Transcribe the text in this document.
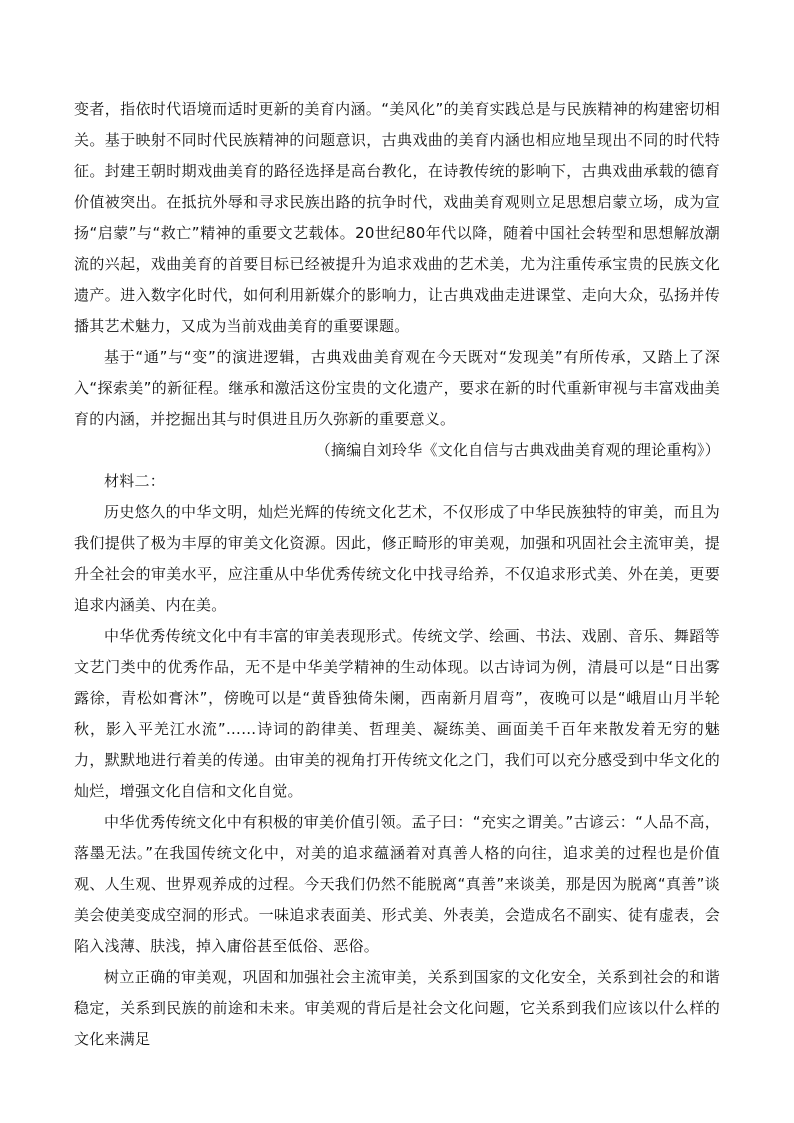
变者，指依时代语境而适时更新的美育内涵。“美风化”的美育实践总是与民族精神的构建密切相关。基于映射不同时代民族精神的问题意识，古典戏曲的美育内涵也相应地呈现出不同的时代特征。封建王朝时期戏曲美育的路径选择是高台教化，在诗教传统的影响下，古典戏曲承载的德育价值被突出。在抵抗外辱和寻求民族出路的抗争时代，戏曲美育观则立足思想启蒙立场，成为宣扬“启蒙”与“救亡”精神的重要文艺载体。20世纪80年代以降，随着中国社会转型和思想解放潮流的兴起，戏曲美育的首要目标已经被提升为追求戏曲的艺术美，尤为注重传承宝贵的民族文化遗产。进入数字化时代，如何利用新媒介的影响力，让古典戏曲走进课堂、走向大众，弘扬并传播其艺术魅力，又成为当前戏曲美育的重要课题。

基于“通”与“变”的演进逻辑，古典戏曲美育观在今天既对“发现美”有所传承，又踏上了深入“探索美”的新征程。继承和激活这份宝贵的文化遗产，要求在新的时代重新审视与丰富戏曲美育的内涵，并挖掘出其与时俱进且历久弥新的重要意义。

（摘编自刘玲华《文化自信与古典戏曲美育观的理论重构》）

材料二：

历史悠久的中华文明，灿烂光辉的传统文化艺术，不仅形成了中华民族独特的审美，而且为我们提供了极为丰厚的审美文化资源。因此，修正畸形的审美观，加强和巩固社会主流审美，提升全社会的审美水平，应注重从中华优秀传统文化中找寻给养，不仅追求形式美、外在美，更要追求内涵美、内在美。

中华优秀传统文化中有丰富的审美表现形式。传统文学、绘画、书法、戏剧、音乐、舞蹈等文艺门类中的优秀作品，无不是中华美学精神的生动体现。以古诗词为例，清晨可以是“日出雾露徐，青松如膏沐”，傍晚可以是“黄昏独倚朱阑，西南新月眉弯”，夜晚可以是“峨眉山月半轮秋，影入平羌江水流”……诗词的韵律美、哲理美、凝练美、画面美千百年来散发着无穷的魅力，默默地进行着美的传递。由审美的视角打开传统文化之门，我们可以充分感受到中华文化的灿烂，增强文化自信和文化自觉。

中华优秀传统文化中有积极的审美价值引领。孟子曰：“充实之谓美。”古谚云：“人品不高，落墨无法。”在我国传统文化中，对美的追求蕴涵着对真善人格的向往，追求美的过程也是价值观、人生观、世界观养成的过程。今天我们仍然不能脱离“真善”来谈美，那是因为脱离“真善”谈美会使美变成空洞的形式。一味追求表面美、形式美、外表美，会造成名不副实、徒有虚表，会陷入浅薄、肤浅，掉入庸俗甚至低俗、恶俗。

树立正确的审美观，巩固和加强社会主流审美，关系到国家的文化安全，关系到社会的和谐稳定，关系到民族的前途和未来。审美观的背后是社会文化问题，它关系到我们应该以什么样的文化来满足
